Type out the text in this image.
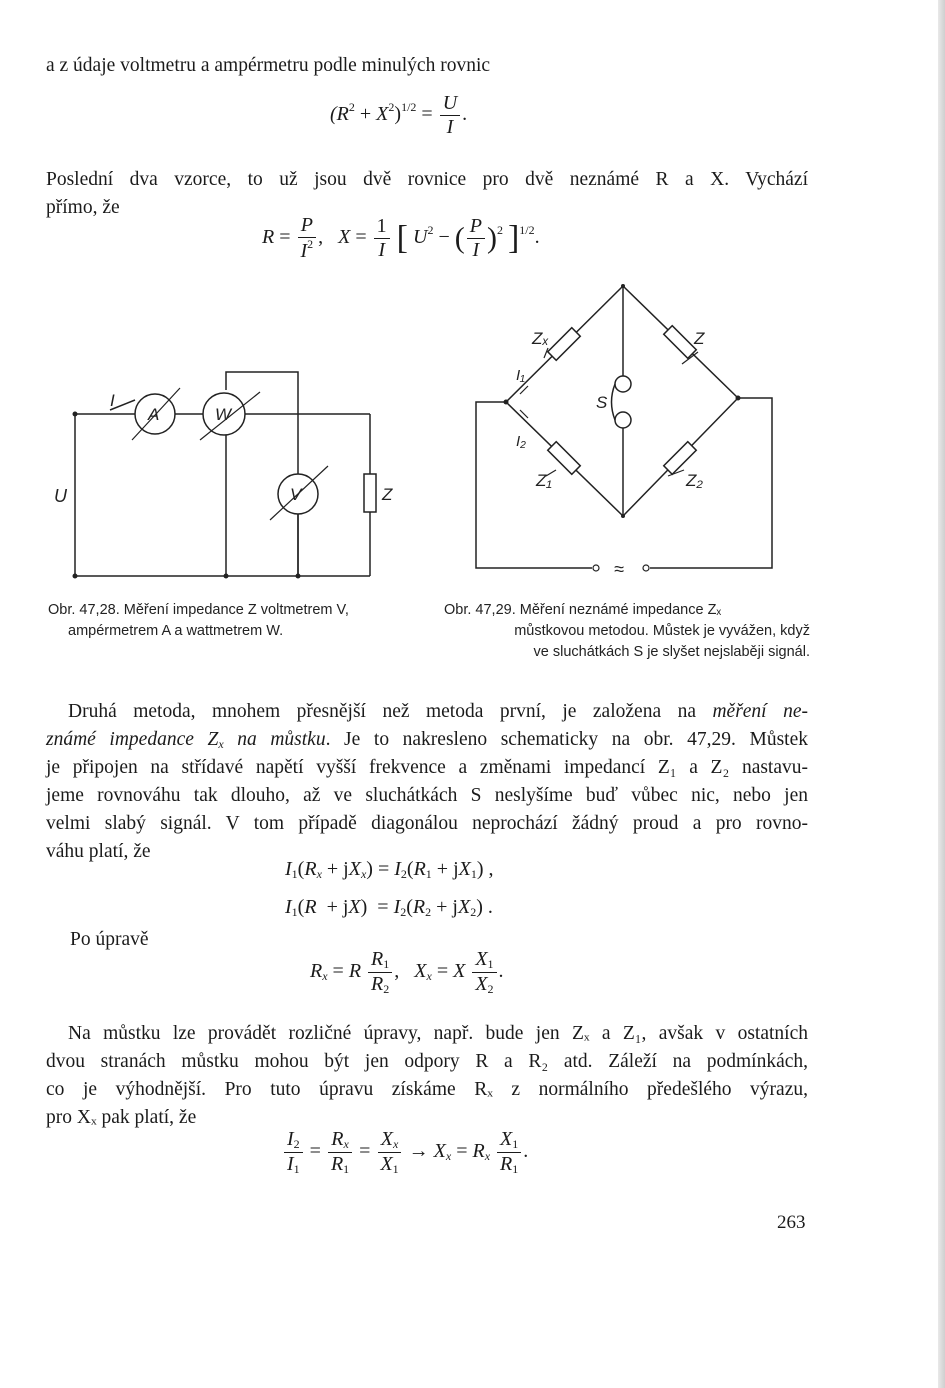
a z údaje voltmetru a ampérmetru podle minulých rovnic

$(R^2 + X^2)^{1/2} = \frac{U}{I}$ .

Poslední dva vzorce, to už jsou dvě rovnice pro dvě neznámé R a X. Vychází

přímo, že

$R = \frac{P}{I^2}$ ,   $X = \frac{1}{I}$ [ $U^2$ − ( $\frac{P}{I} )^2$ ]$^{1/2}$.
I
A	W
V	Z
U
Zₓ	Z
Z₁	Z₂
I₁
I₂
S
≈
Obr. 47,28. Měření impedance Z voltmetrem V,
ampérmetrem A a wattmetrem W.
Obr. 47,29. Měření neznámé impedance Zₓ
můstkovou metodou. Můstek je vyvážen, když
ve sluchátkách S je slyšet nejslaběji signál.

Druhá metoda, mnohem přesnější než metoda první, je založena na měření ne-

známé impedance $Z_x$ na můstku. Je to nakresleno schematicky na obr. 47,29. Můstek

je připojen na střídavé napětí vyšší frekvence a změnami impedancí Z₁ a Z₂ nastavu-

jeme rovnováhu tak dlouho, až ve sluchátkách S neslyšíme buď vůbec nic, nebo jen

velmi slabý signál. V tom případě diagonálou neprochází žádný proud a pro rovno-

váhu platí, že

$I_1(R_x + jX_x) = I_2(R_1 + jX_1)$ ,
$I_1(R + jX) = I_2(R_2 + jX_2)$ .

Po úpravě

$R_x = R \frac{R_1}{R_2}$ ,   $X_x = X \frac{X_1}{X_2}$ .

Na můstku lze provádět rozličné úpravy, např. bude jen Zₓ a Z₁, avšak v ostatních

dvou stranách můstku mohou být jen odpory R a R₂ atd. Záleží na podmínkách,

co je výhodnější. Pro tuto úpravu získáme Rₓ z normálního předešlého výrazu,

pro Xₓ pak platí, že

$\frac{I_2}{I_1} = \frac{R_x}{R_1} = \frac{X_x}{X_1} \to X_x = R_x \frac{X_1}{R_1}$ .
263
